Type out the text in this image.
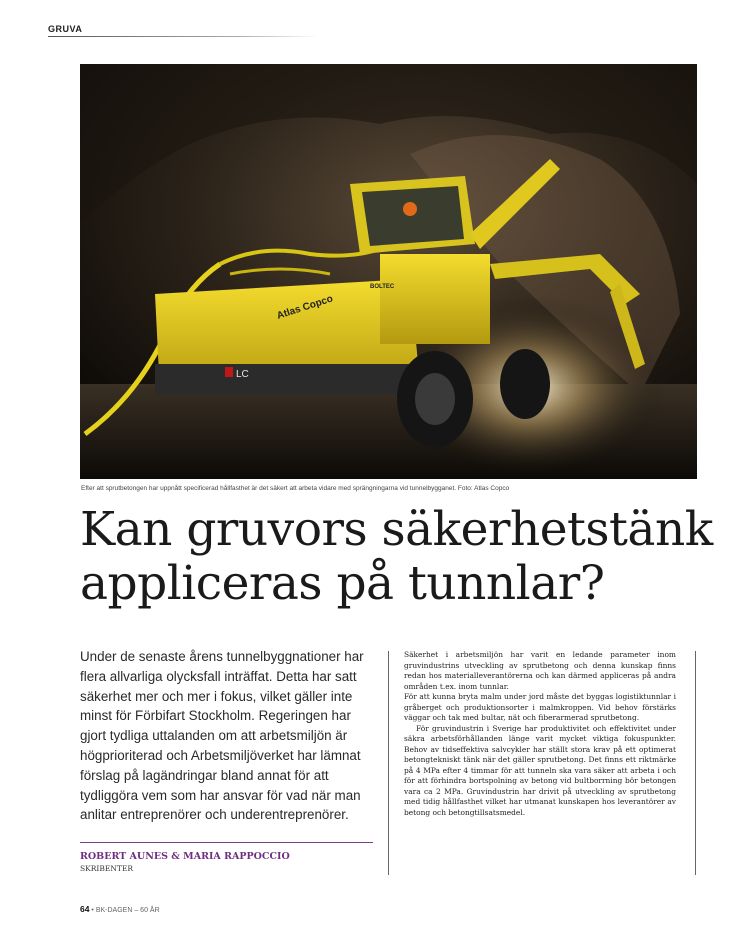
GRUVA
Atlas Copco
BOLTEC
LC
Efter att sprutbetongen har uppnått specificerad hållfasthet är det säkert att arbeta vidare med sprängningarna vid tunnelbygganet. Foto: Atlas Copco
Kan gruvors säkerhetstänk
appliceras på tunnlar?

Under de senaste årens tunnelbyggnationer har flera allvarliga olycksfall inträffat. Detta har satt säkerhet mer och mer i fokus, vilket gäller inte minst för Förbifart Stockholm. Regeringen har gjort tydliga uttalanden om att arbetsmiljön är högprioriterad och Arbetsmiljöverket har lämnat förslag på lagändringar bland annat för att tydliggöra vem som har ansvar för vad när man anlitar entreprenörer och underentreprenörer.

ROBERT AUNES & MARIA RAPPOCCIO
SKRIBENTER

Säkerhet i arbetsmiljön har varit en ledande parameter inom gruvindustrins utveckling av sprutbetong och denna kunskap finns redan hos materialleverantörerna och kan därmed appliceras på andra områden t.ex. inom tunnlar.

För att kunna bryta malm under jord måste det byggas logistiktunnlar i gråberget och produktionsorter i malmkroppen. Vid behov förstärks väggar och tak med bultar, nät och fiberarmerad sprutbetong.

För gruvindustrin i Sverige har produktivitet och effektivitet under säkra arbetsförhållanden länge varit mycket viktiga fokuspunkter. Behov av tidseffektiva salvcykler har ställt stora krav på ett optimerat betongtekniskt tänk när det gäller sprutbetong. Det finns ett riktmärke på 4 MPa efter 4 timmar för att tunneln ska vara säker att arbeta i och för att förhindra bortspolning av betong vid bultborrning bör betongen vara ca 2 MPa. Gruvindustrin har drivit på utveckling av sprutbetong med tidig hållfasthet vilket har utmanat kunskapen hos leverantörer av betong och betongtillsatsmedel.

64 • BK-DAGEN – 60 ÅR
